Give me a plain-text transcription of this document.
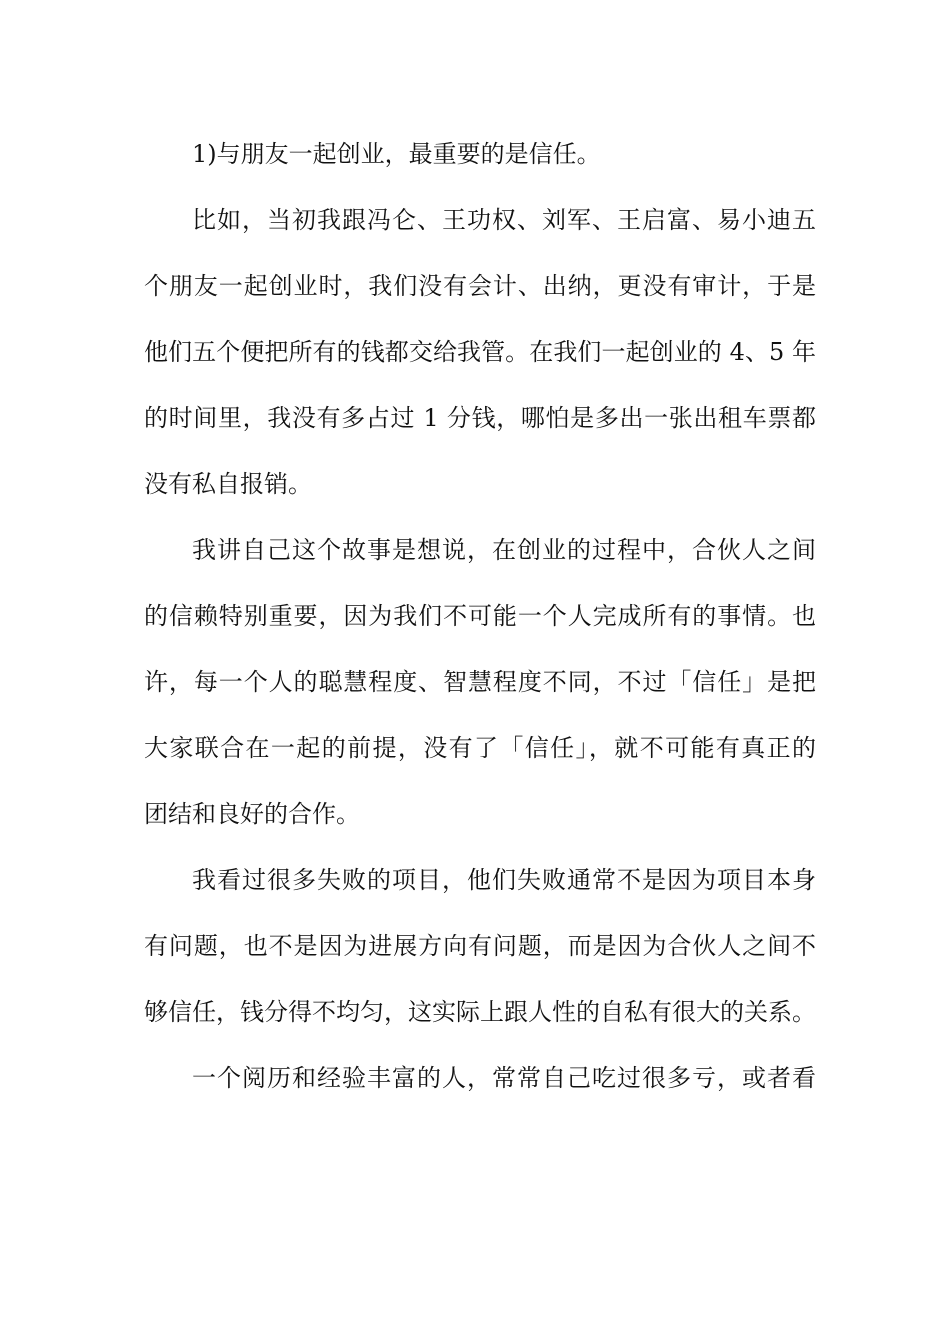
1)与朋友一起创业，最重要的是信任。
比如，当初我跟冯仑、王功权、刘军、王启富、易小迪五
个朋友一起创业时，我们没有会计、出纳，更没有审计，于是
他们五个便把所有的钱都交给我管。在我们一起创业的 4、5 年
的时间里，我没有多占过 1 分钱，哪怕是多出一张出租车票都
没有私自报销。
我讲自己这个故事是想说，在创业的过程中，合伙人之间
的信赖特别重要，因为我们不可能一个人完成所有的事情。也
许，每一个人的聪慧程度、智慧程度不同，不过「信任」是把
大家联合在一起的前提，没有了「信任」，就不可能有真正的
团结和良好的合作。
我看过很多失败的项目，他们失败通常不是因为项目本身
有问题，也不是因为进展方向有问题，而是因为合伙人之间不
够信任，钱分得不均匀，这实际上跟人性的自私有很大的关系。
一个阅历和经验丰富的人，常常自己吃过很多亏，或者看
